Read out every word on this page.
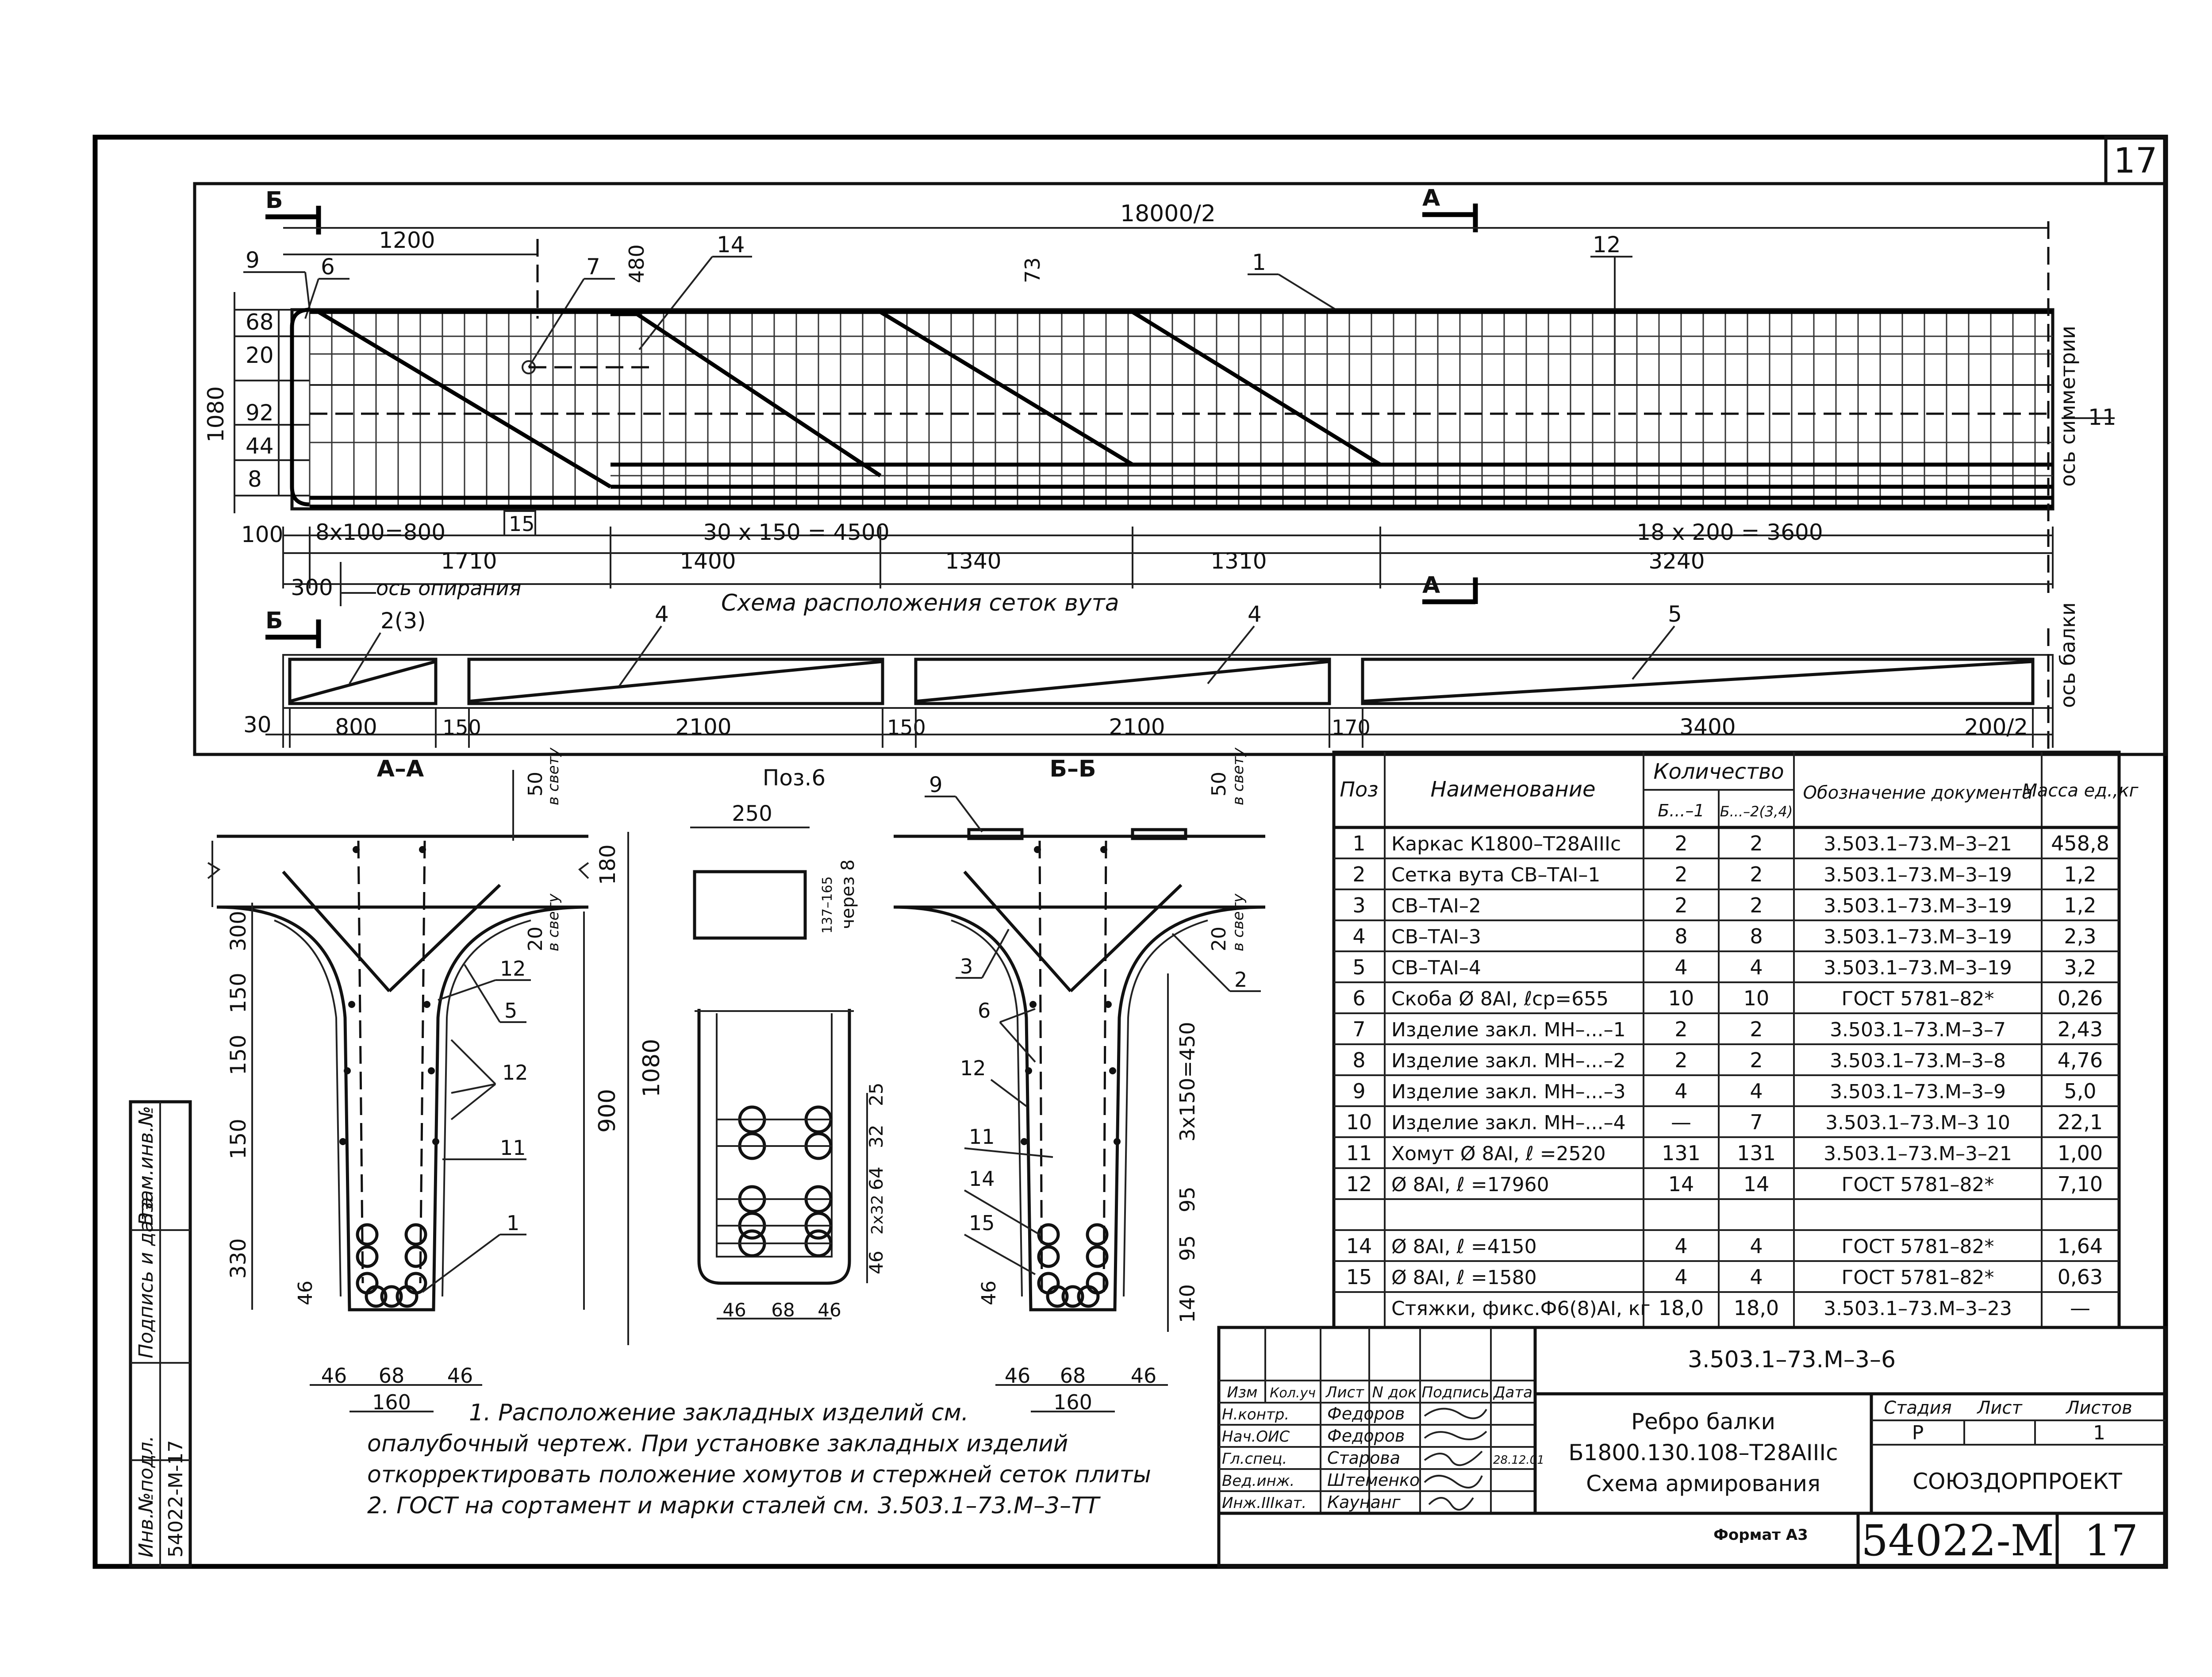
17
Взам.инв.№
Подпись и дата
Инв.№подл. 54022-М-17
Б	А
18000/2
1200
480	73
9	6	7
14
1
12
11
15
1080
68
20
92
44
8	ось симметрии
100 8х100=800	30 х 150 = 4500	18 х 200 = 3600
1710	1400	1340	1310	3240
300 ось опирания	А
Схема расположения сеток вута
Б	2(3)	4	4	5	ось балки
30	800	150	2100	150	2100	170	3400	200/2
А–А
50
в свету
180
20
в свету
1080
900
300
150
150
150
330
46
46 68 46
160
12
5
12
11
1
Поз.6
250
137–165 через 8
25
32
64
2х32
46
46 68 46
Б–Б
9
3
6
12
11
14
15
2
50
в свету
20
в свету
3х150=450
95
95
140
46
46 68 46
160
1. Расположение закладных изделий см.
опалубочный чертеж. При установке закладных изделий
откорректировать положение хомутов и стержней сеток плиты
2. ГОСТ на сортамент и марки сталей см. 3.503.1–73.М–3–ТТ
Поз Наименование
Количество
Б...–1 Б...–2(3,4)
Обозначение документа
Масса ед.,кг
1 Каркас К1800–Т28АIIIс	2	2	3.503.1–73.М–3–21 458,8
2 Сетка вута СВ–ТАI–1	2	2	3.503.1–73.М–3–19	1,2
3 СВ–ТАI–2	2	2	3.503.1–73.М–3–19	1,2
4 СВ–ТАI–3	8	8	3.503.1–73.М–3–19	2,3
5 СВ–ТАI–4	4	4	3.503.1–73.М–3–19	3,2
6 Скоба Ø 8АI, ℓср=655	10 10	ГОСТ 5781–82*	0,26
7 Изделие закл. МН–...–1 2	2	3.503.1–73.М–3–7	2,43
8 Изделие закл. МН–...–2 2	2	3.503.1–73.М–3–8	4,76
9 Изделие закл. МН–...–3 4	4	3.503.1–73.М–3–9	5,0
10 Изделие закл. МН–...–4 —	7	3.503.1–73.М–3 10 22,1
11 Хомут Ø 8АI, ℓ =2520	131 131 3.503.1–73.М–3–21 1,00
12 Ø 8АI, ℓ =17960	14 14	ГОСТ 5781–82*	7,10
14 Ø 8АI, ℓ =4150	4	4	ГОСТ 5781–82*	1,64
15 Ø 8АI, ℓ =1580	4	4	ГОСТ 5781–82*	0,63
Стяжки, фикс.Ф6(8)АI, кг 18,0 18,0 3.503.1–73.М–3–23	—
3.503.1–73.М–3–6
Изм Кол.уч Лист N док Подпись Дата
Н.контр. Федоров
Нач.ОИС Федоров
Гл.спец. Старова	28.12.01
Вед.инж. Штеменко
Инж.IIIкат. Каунанг
Ребро балки
Б1800.130.108–Т28АIIIс
Схема армирования
Стадия Лист Листов
Р	1
СОЮЗДОРПРОЕКТ
Формат А3 54022-M 17
